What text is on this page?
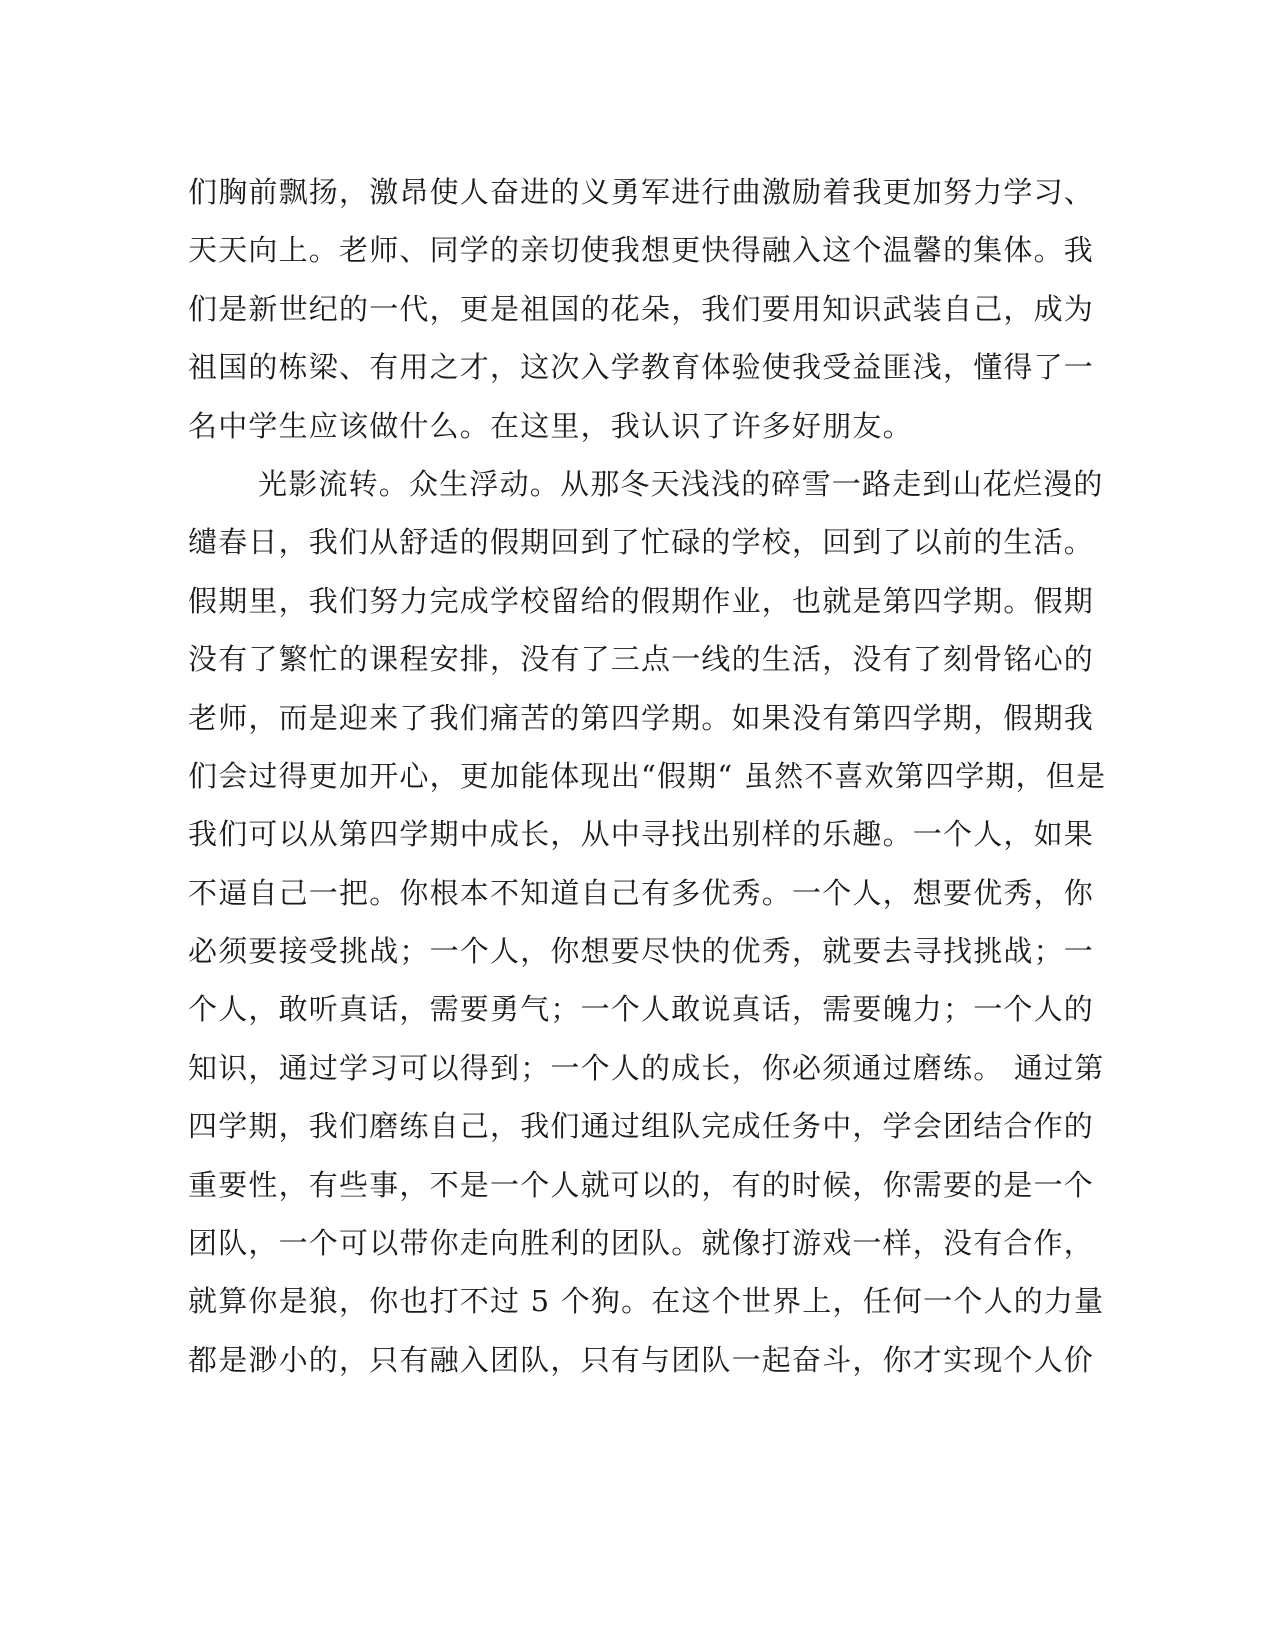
们胸前飘扬，激昂使人奋进的义勇军进行曲激励着我更加努力学习、
天天向上。老师、同学的亲切使我想更快得融入这个温馨的集体。我
们是新世纪的一代，更是祖国的花朵，我们要用知识武装自己，成为
祖国的栋梁、有用之才，这次入学教育体验使我受益匪浅，懂得了一
名中学生应该做什么。在这里，我认识了许多好朋友。
光影流转。众生浮动。从那冬天浅浅的碎雪一路走到山花烂漫的
缱春日，我们从舒适的假期回到了忙碌的学校，回到了以前的生活。
假期里，我们努力完成学校留给的假期作业，也就是第四学期。假期
没有了繁忙的课程安排，没有了三点一线的生活，没有了刻骨铭心的
老师，而是迎来了我们痛苦的第四学期。如果没有第四学期，假期我
们会过得更加开心，更加能体现出“假期“ 虽然不喜欢第四学期，但是
我们可以从第四学期中成长，从中寻找出别样的乐趣。一个人，如果
不逼自己一把。你根本不知道自己有多优秀。一个人，想要优秀，你
必须要接受挑战；一个人，你想要尽快的优秀，就要去寻找挑战；一
个人，敢听真话，需要勇气；一个人敢说真话，需要魄力；一个人的
知识，通过学习可以得到；一个人的成长，你必须通过磨练。 通过第
四学期，我们磨练自己，我们通过组队完成任务中，学会团结合作的
重要性，有些事，不是一个人就可以的，有的时候，你需要的是一个
团队，一个可以带你走向胜利的团队。就像打游戏一样，没有合作，
就算你是狼，你也打不过 5 个狗。在这个世界上，任何一个人的力量
都是渺小的，只有融入团队，只有与团队一起奋斗，你才实现个人价
